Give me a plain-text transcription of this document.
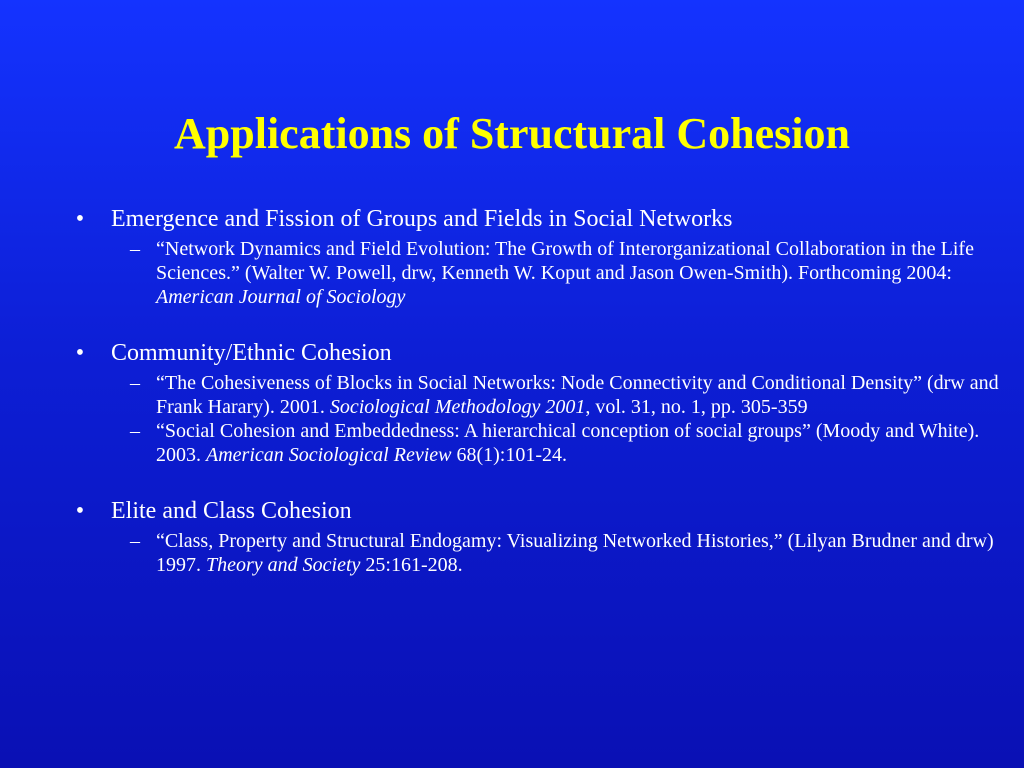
Applications of Structural Cohesion
• Emergence and Fission of Groups and Fields in Social Networks
– “Network Dynamics and Field Evolution: The Growth of Interorganizational Collaboration in the Life Sciences.” (Walter W. Powell, drw, Kenneth W. Koput and Jason Owen-Smith). Forthcoming 2004: American Journal of Sociology
• Community/Ethnic Cohesion
– “The Cohesiveness of Blocks in Social Networks: Node Connectivity and Conditional Density” (drw and Frank Harary). 2001. Sociological Methodology 2001, vol. 31, no. 1, pp. 305-359
– “Social Cohesion and Embeddedness: A hierarchical conception of social groups” (Moody and White). 2003. American Sociological Review 68(1):101-24.
• Elite and Class Cohesion
– “Class, Property and Structural Endogamy: Visualizing Networked Histories,” (Lilyan Brudner and drw) 1997. Theory and Society 25:161-208.
